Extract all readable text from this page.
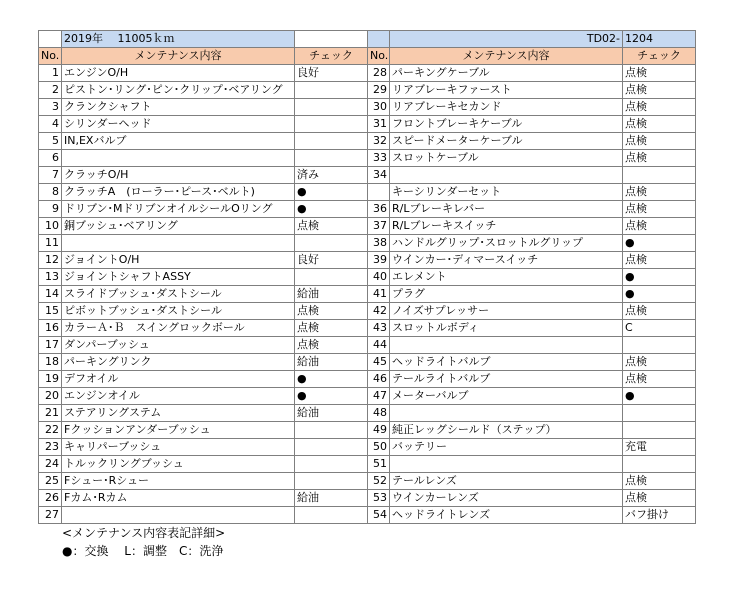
	2019年　 11005ｋｍ			TD02-	1204
No.	メンテナンス内容	チェック	No.	メンテナンス内容	チェック
1	エンジンO/H	良好	28	パーキングケーブル	点検
2	ピストン･リング･ピン･クリップ･ベアリング		29	リアブレーキファースト	点検
3	クランクシャフト		30	リアブレーキセカンド	点検
4	シリンダーヘッド		31	フロントブレーキケーブル	点検
5	IN,EXバルブ		32	スピードメーターケーブル	点検
6			33	スロットケーブル	点検
7	クラッチO/H	済み	34		
8	クラッチA　(ローラー･ピース･ベルト)	●		キーシリンダーセット	点検
9	ドリブン･MドリブンオイルシールOリング	●	36	R/Lブレーキレバー	点検
10	銅ブッシュ･ベアリング	点検	37	R/Lブレーキスイッチ	点検
11			38	ハンドルグリップ･スロットルグリップ	●
12	ジョイントO/H	良好	39	ウインカー･ディマースイッチ	点検
13	ジョイントシャフトASSY		40	エレメント	●
14	スライドブッシュ･ダストシール	給油	41	プラグ	●
15	ピボットブッシュ･ダストシール	点検	42	ノイズサプレッサー	点検
16	カラーＡ･Ｂ　スイングロックボール	点検	43	スロットルボディ	C
17	ダンパーブッシュ	点検	44		
18	パーキングリンク	給油	45	ヘッドライトバルブ	点検
19	デフオイル	●	46	テールライトバルブ	点検
20	エンジンオイル	●	47	メーターバルブ	●
21	ステアリングステム	給油	48		
22	Fクッションアンダーブッシュ		49	純正レッグシールド（ステップ）	
23	キャリパーブッシュ		50	バッテリー	充電
24	トルックリングブッシュ		51		
25	Fシュー･Rシュー		52	テールレンズ	点検
26	Fカム･Rカム	給油	53	ウインカーレンズ	点検
27			54	ヘッドライトレンズ	バフ掛け
<メンテナンス内容表記詳細>
●：交換　 L：調整　C：洗浄
